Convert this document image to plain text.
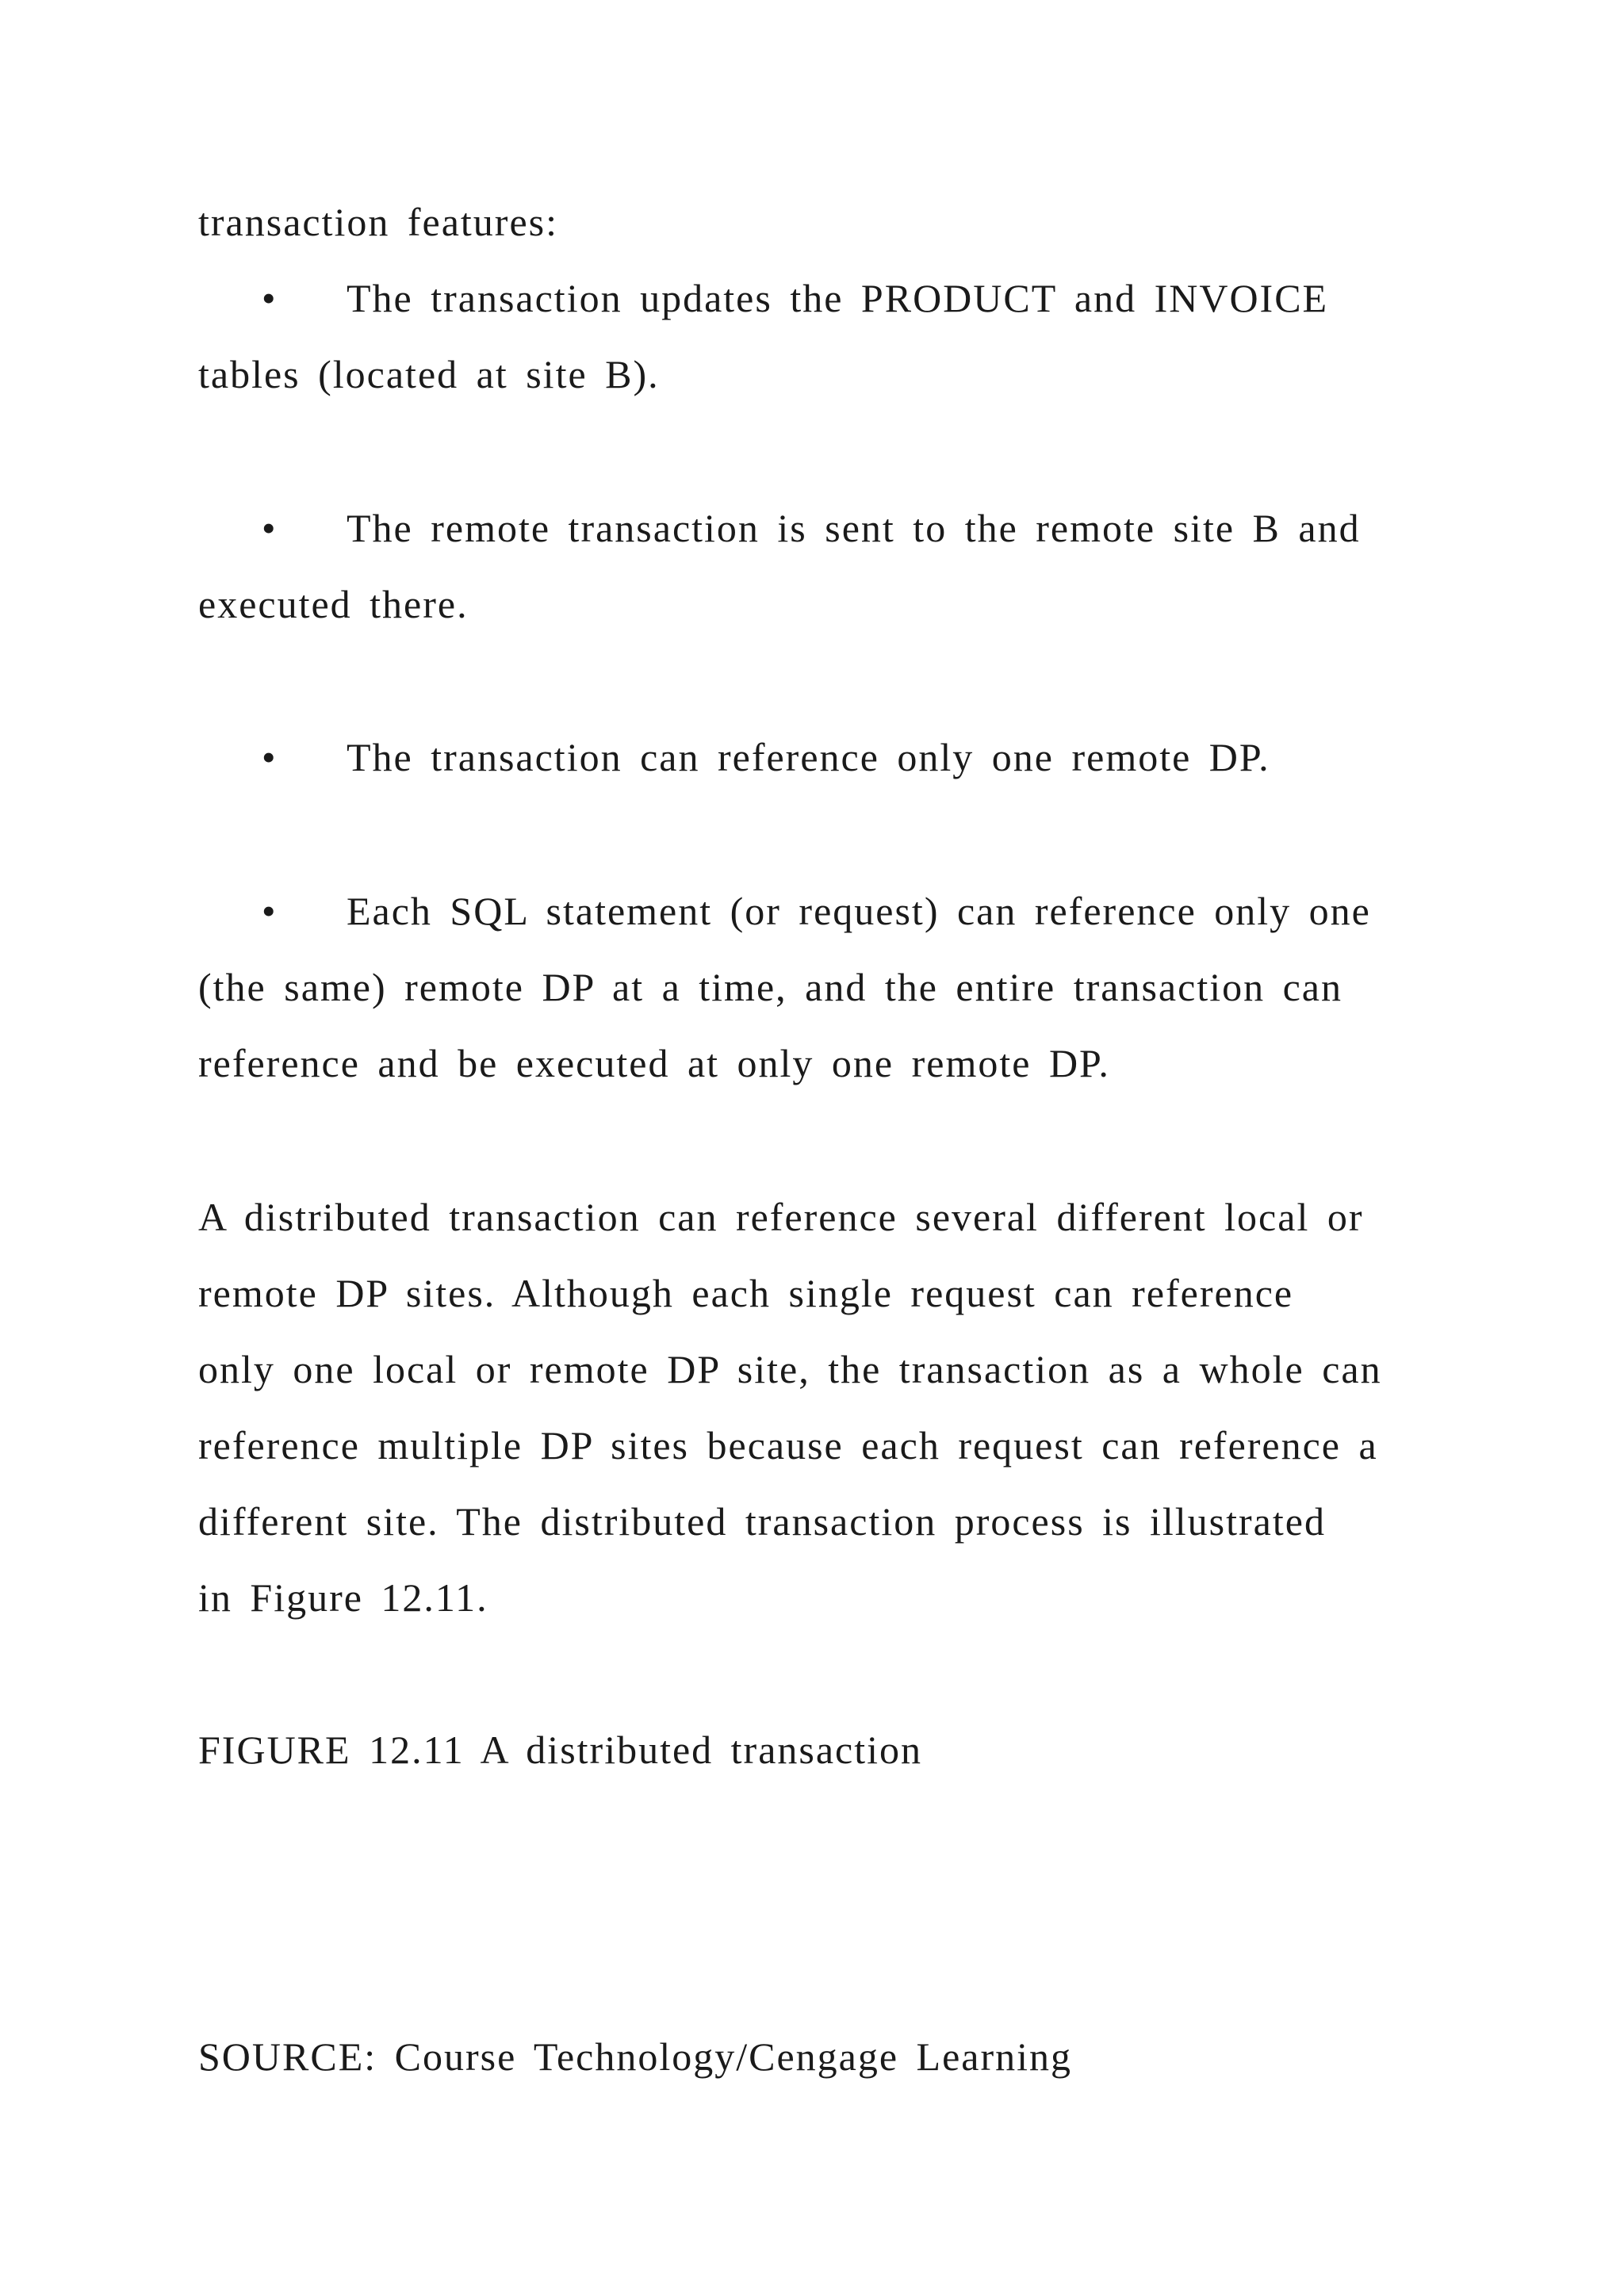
transaction features:
• The transaction updates the PRODUCT and INVOICE
tables (located at site B).
• The remote transaction is sent to the remote site B and
executed there.
• The transaction can reference only one remote DP.
• Each SQL statement (or request) can reference only one
(the same) remote DP at a time, and the entire transaction can
reference and be executed at only one remote DP.
A distributed transaction can reference several different local or
remote DP sites. Although each single request can reference
only one local or remote DP site, the transaction as a whole can
reference multiple DP sites because each request can reference a
different site. The distributed transaction process is illustrated
in Figure 12.11.
FIGURE 12.11 A distributed transaction
SOURCE: Course Technology/Cengage Learning
